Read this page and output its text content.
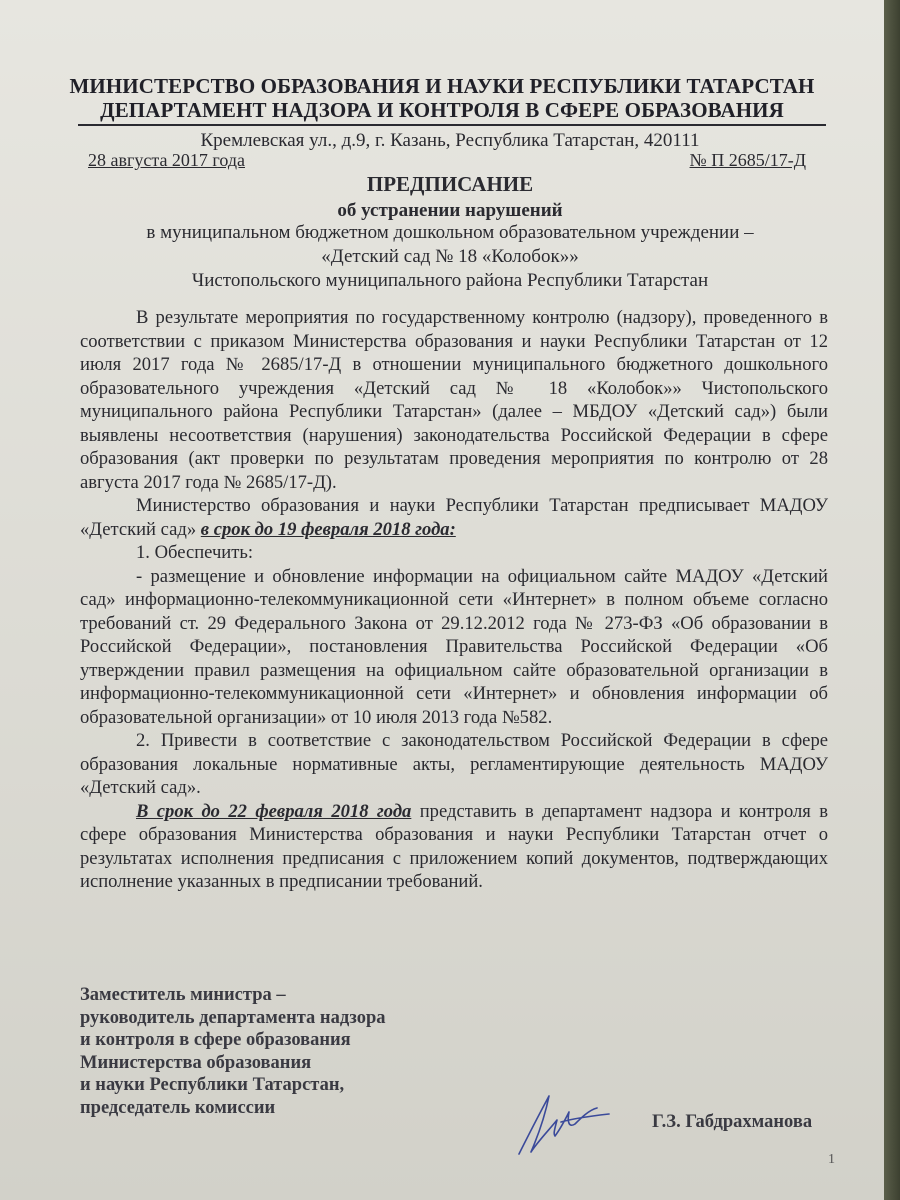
МИНИСТЕРСТВО ОБРАЗОВАНИЯ И НАУКИ РЕСПУБЛИКИ ТАТАРСТАН
ДЕПАРТАМЕНТ НАДЗОРА И КОНТРОЛЯ В СФЕРЕ ОБРАЗОВАНИЯ
Кремлевская ул., д.9, г. Казань, Республика Татарстан, 420111
28 августа 2017 года	№ П 2685/17-Д
ПРЕДПИСАНИЕ
об устранении нарушений
в муниципальном бюджетном дошкольном образовательном учреждении –
«Детский сад № 18 «Колобок»»
Чистопольского муниципального района Республики Татарстан

В результате мероприятия по государственному контролю (надзору), проведенного в соответствии с приказом Министерства образования и науки Республики Татарстан от 12 июля 2017 года № 2685/17-Д в отношении муниципального бюджетного дошкольного образовательного учреждения «Детский сад № 18 «Колобок»» Чистопольского муниципального района Республики Татарстан» (далее – МБДОУ «Детский сад») были выявлены несоответствия (нарушения) законодательства Российской Федерации в сфере образования (акт проверки по результатам проведения мероприятия по контролю от 28 августа 2017 года № 2685/17-Д).

Министерство образования и науки Республики Татарстан предписывает МАДОУ «Детский сад» в срок до 19 февраля 2018 года:

1. Обеспечить:

- размещение и обновление информации на официальном сайте МАДОУ «Детский сад» информационно-телекоммуникационной сети «Интернет» в полном объеме согласно требований ст. 29 Федерального Закона от 29.12.2012 года № 273-ФЗ «Об образовании в Российской Федерации», постановления Правительства Российской Федерации «Об утверждении правил размещения на официальном сайте образовательной организации в информационно-телекоммуникационной сети «Интернет» и обновления информации об образовательной организации» от 10 июля 2013 года №582.

2. Привести в соответствие с законодательством Российской Федерации в сфере образования локальные нормативные акты, регламентирующие деятельность МАДОУ «Детский сад».

В срок до 22 февраля 2018 года представить в департамент надзора и контроля в сфере образования Министерства образования и науки Республики Татарстан отчет о результатах исполнения предписания с приложением копий документов, подтверждающих исполнение указанных в предписании требований.

Заместитель министра –
руководитель департамента надзора
и контроля в сфере образования
Министерства образования
и науки Республики Татарстан,
председатель комиссии
Г.З. Габдрахманова
1
